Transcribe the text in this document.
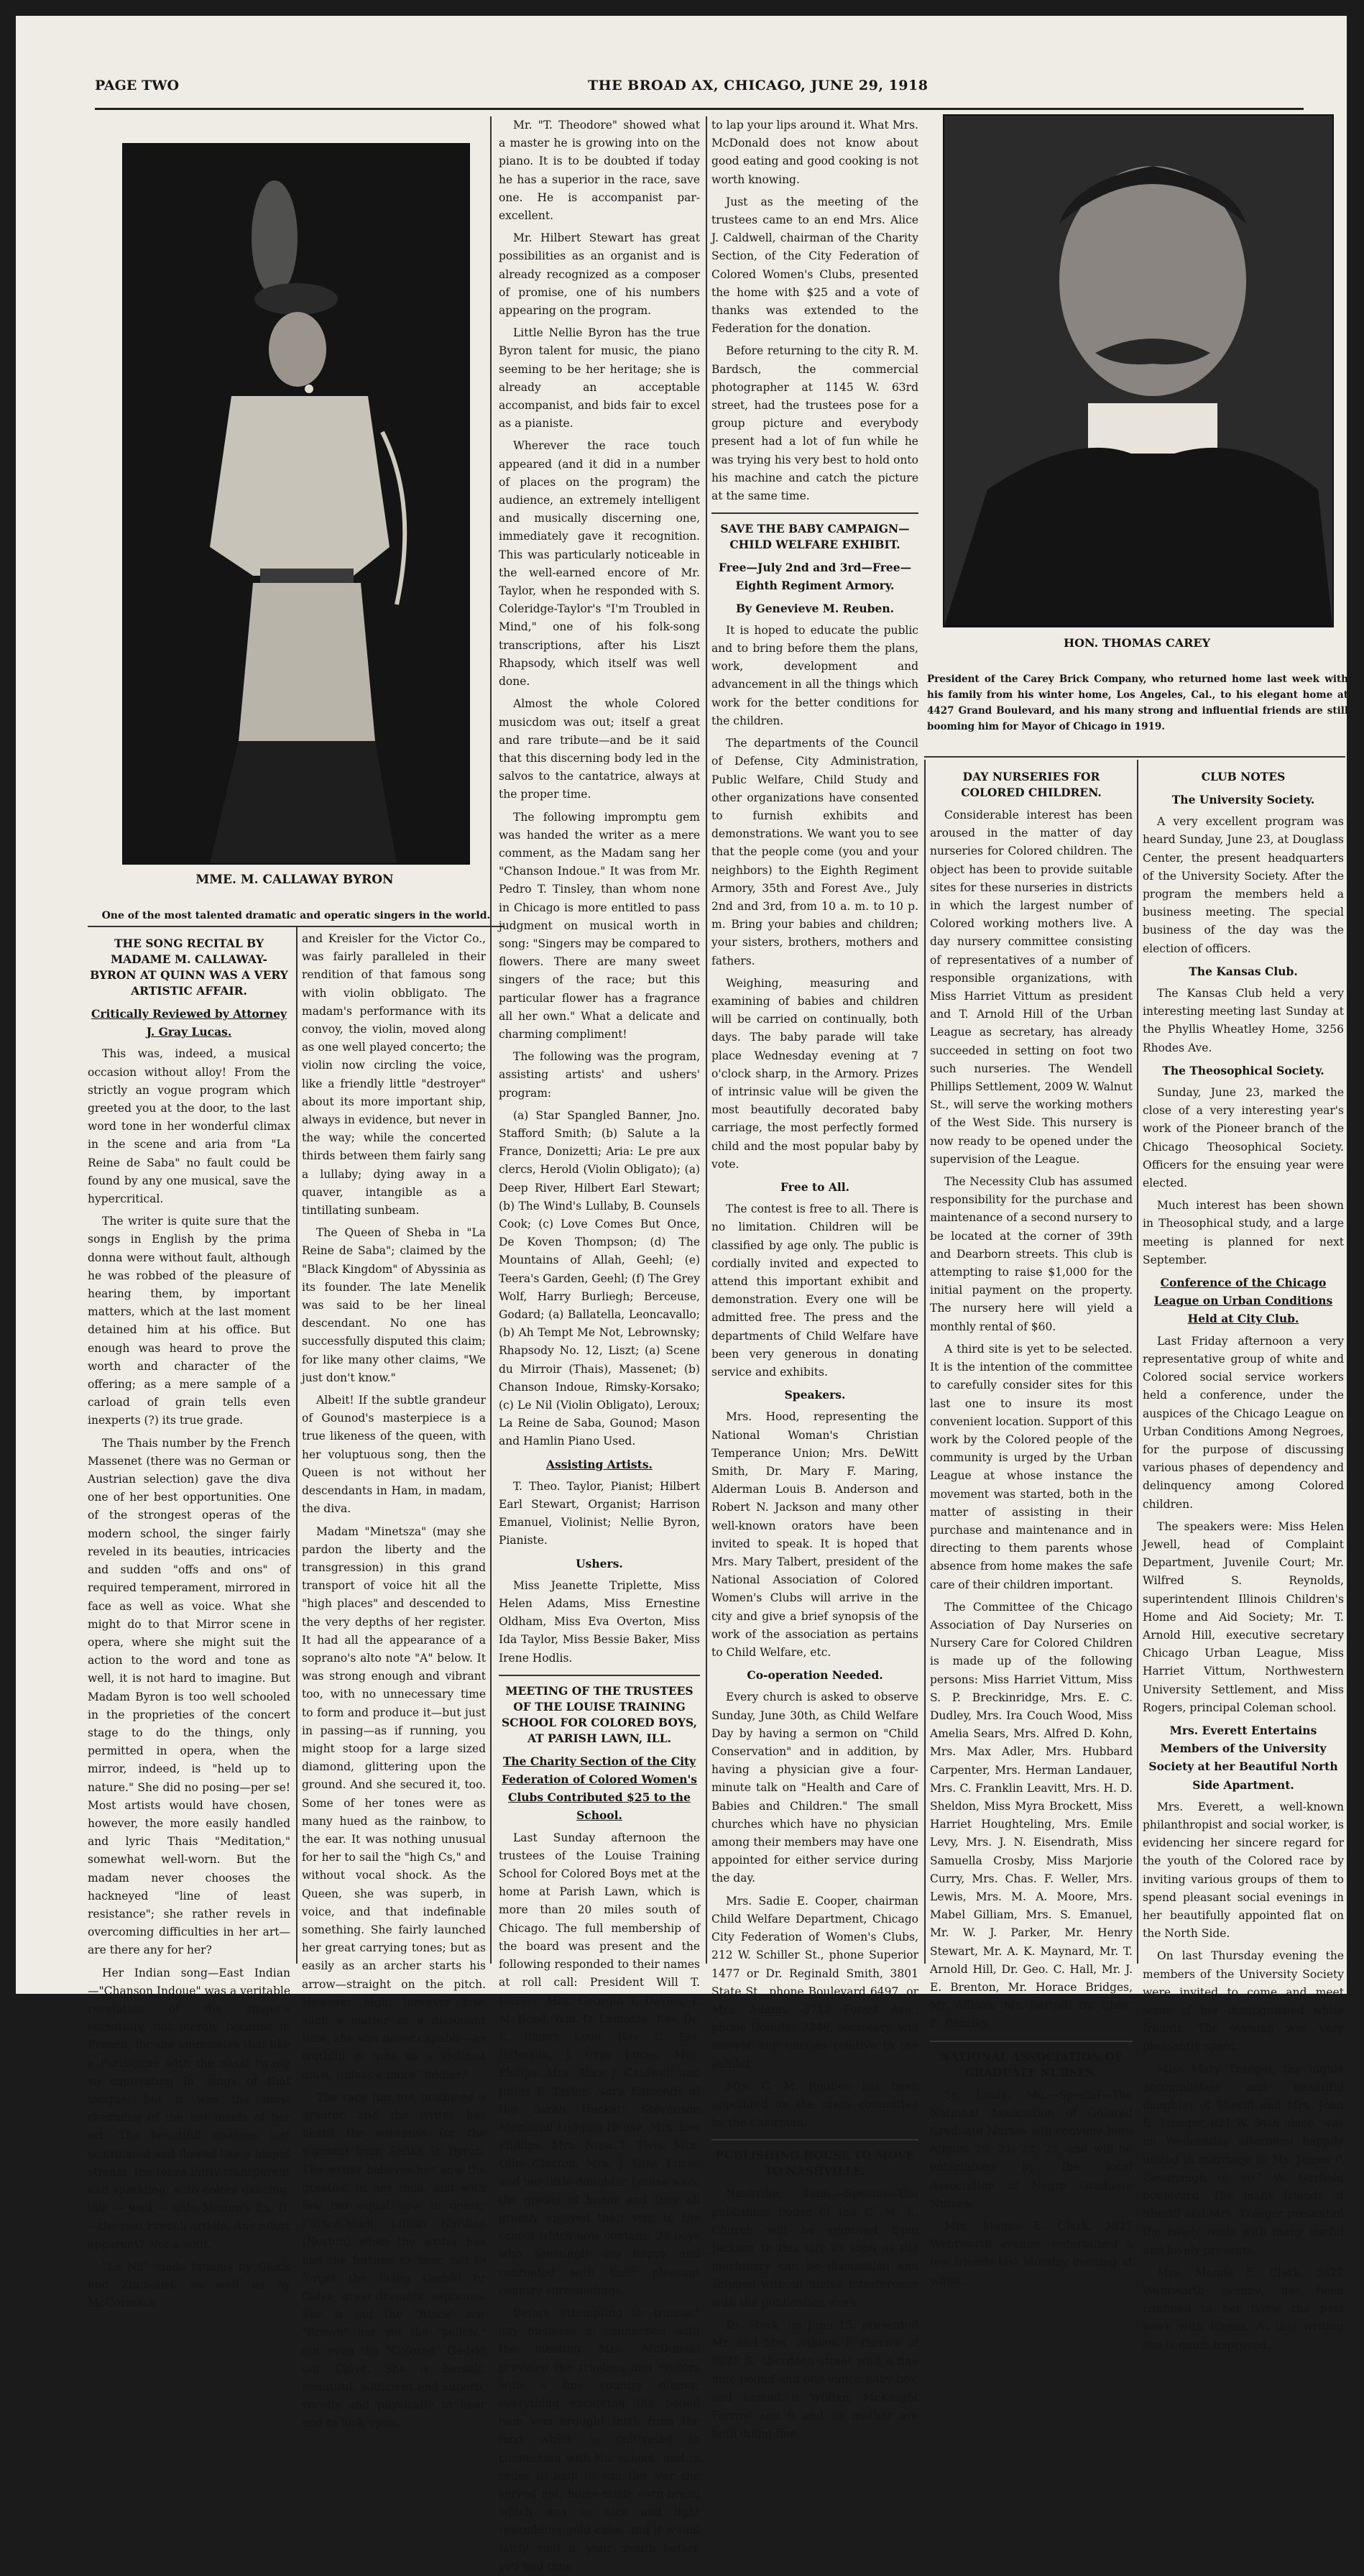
PAGE TWO	THE BROAD AX, CHICAGO, JUNE 29, 1918
MME. M. CALLAWAY BYRON
One of the most talented dramatic and operatic singers in the world.
HON. THOMAS CAREY
President of the Carey Brick Company, who returned home last week with his family from his winter home, Los Angeles, Cal., to his elegant home at 4427 Grand Boulevard, and his many strong and influential friends are still booming him for Mayor of Chicago in 1919.

THE SONG RECITAL BY MADAME M. CALLAWAY-BYRON AT QUINN WAS A VERY ARTISTIC AFFAIR.

Critically Reviewed by Attorney J. Gray Lucas.

This was, indeed, a musical occasion without alloy! From the strictly an vogue program which greeted you at the door, to the last word tone in her wonderful climax in the scene and aria from "La Reine de Saba" no fault could be found by any one musical, save the hypercritical.

The writer is quite sure that the songs in English by the prima donna were without fault, although he was robbed of the pleasure of hearing them, by important matters, which at the last moment detained him at his office. But enough was heard to prove the worth and character of the offering; as a mere sample of a carload of grain tells even inexperts (?) its true grade.

The Thais number by the French Massenet (there was no German or Austrian selection) gave the diva one of her best opportunities. One of the strongest operas of the modern school, the singer fairly reveled in its beauties, intricacies and sudden "offs and ons" of required temperament, mirrored in face as well as voice. What she might do to that Mirror scene in opera, where she might suit the action to the word and tone as well, it is not hard to imagine. But Madam Byron is too well schooled in the proprieties of the concert stage to do the things, only permitted in opera, when the mirror, indeed, is "held up to nature." She did no posing—per se! Most artists would have chosen, however, the more easily handled and lyric Thais "Meditation," somewhat well-worn. But the madam never chooses the hackneyed "line of least resistance"; she rather revels in overcoming difficulties in her art—are there any for her?

Her Indian song—East Indian—"Chanson Indoue" was a veritable revelation of the singer's versatility, not merely because in French, for she enunciates that like a Parisienne with the nasal twang so captivating in songs of that tongue, but it was the most charming of the hot meals of her art. The beautiful nuances just scintillated and flowed like a limpid stream, the tones fairly transparent and sparkling; with colors dancing, like — well — unto Mumm's Ex. D.—the real French article. Any effort apparent? Not a whit.

"Le Nil" made famous by Gluck and Zimbalist, as well as by McCormack

and Kreisler for the Victor Co., was fairly paralleled in their rendition of that famous song with violin obbligato. The madam's performance with its convoy, the violin, moved along as one well played concerto; the violin now circling the voice, like a friendly little "destroyer" about its more important ship, always in evidence, but never in the way; while the concerted thirds between them fairly sang a lullaby; dying away in a quaver, intangible as a tintillating sunbeam.

The Queen of Sheba in "La Reine de Saba"; claimed by the "Black Kingdom" of Abyssinia as its founder. The late Menelik was said to be her lineal descendant. No one has successfully disputed this claim; for like many other claims, "We just don't know."

Albeit! If the subtle grandeur of Gounod's masterpiece is a true likeness of the queen, with her voluptuous song, then the Queen is not without her descendants in Ham, in madam, the diva.

Madam "Minetsza" (may she pardon the liberty and the transgression) in this grand transport of voice hit all the "high places" and descended to the very depths of her register. It had all the appearance of a soprano's alto note "A" below. It was strong enough and vibrant too, with no unnecessary time to form and produce it—but just in passing—as if running, you might stoop for a large sized diamond, glittering upon the ground. And she secured it, too. Some of her tones were as many hued as the rainbow, to the ear. It was nothing unusual for her to sail the "high Cs," and without vocal shock. As the Queen, she was superb, in voice, and that indefinable something. She fairly launched her great carrying tones; but as easily as an archer starts his arrow—straight on the pitch. However high; however low; such a matter as a dissonant tone, she was never capable—as truthful in tone as a violinist must, unless a mere "fiddler."

The race has not produced a greater, and the writer has heard the sopranos (or the soprani) from Selika to Byron. The writer believes her now the greatest in her race, and with few her equal now in opera; Fursch-Madi, Lillian Nordica (Norton) when the writer has had the fortune to hear, not to forget the living Gadski or Calve, great dramatic sopranos. She is not the "Black" nor "Brown" nor yet the "yellow," nor even the "Colored" Gadski nor Calve. She is herself; beautiful, sufficient and superb, vocally and physically to hear and to look upon.

Mr. "T. Theodore" showed what a master he is growing into on the piano. It is to be doubted if today he has a superior in the race, save one. He is accompanist par-excellent.

Mr. Hilbert Stewart has great possibilities as an organist and is already recognized as a composer of promise, one of his numbers appearing on the program.

Little Nellie Byron has the true Byron talent for music, the piano seeming to be her heritage; she is already an acceptable accompanist, and bids fair to excel as a pianiste.

Wherever the race touch appeared (and it did in a number of places on the program) the audience, an extremely intelligent and musically discerning one, immediately gave it recognition. This was particularly noticeable in the well-earned encore of Mr. Taylor, when he responded with S. Coleridge-Taylor's "I'm Troubled in Mind," one of his folk-song transcriptions, after his Liszt Rhapsody, which itself was well done.

Almost the whole Colored musicdom was out; itself a great and rare tribute—and be it said that this discerning body led in the salvos to the cantatrice, always at the proper time.

The following impromptu gem was handed the writer as a mere comment, as the Madam sang her "Chanson Indoue." It was from Mr. Pedro T. Tinsley, than whom none in Chicago is more entitled to pass judgment on musical worth in song: "Singers may be compared to flowers. There are many sweet singers of the race; but this particular flower has a fragrance all her own." What a delicate and charming compliment!

The following was the program, assisting artists' and ushers' program:

(a) Star Spangled Banner, Jno. Stafford Smith; (b) Salute a la France, Donizetti; Aria: Le pre aux clercs, Herold (Violin Obligato); (a) Deep River, Hilbert Earl Stewart; (b) The Wind's Lullaby, B. Counsels Cook; (c) Love Comes But Once, De Koven Thompson; (d) The Mountains of Allah, Geehl; (e) Teera's Garden, Geehl; (f) The Grey Wolf, Harry Burliegh; Berceuse, Godard; (a) Ballatella, Leoncavallo; (b) Ah Tempt Me Not, Lebrownsky; Rhapsody No. 12, Liszt; (a) Scene du Mirroir (Thais), Massenet; (b) Chanson Indoue, Rimsky-Korsako; (c) Le Nil (Violin Obligato), Leroux; La Reine de Saba, Gounod; Mason and Hamlin Piano Used.

Assisting Artists.

T. Theo. Taylor, Pianist; Hilbert Earl Stewart, Organist; Harrison Emanuel, Violinist; Nellie Byron, Pianiste.

Ushers.

Miss Jeanette Triplette, Miss Helen Adams, Miss Ernestine Oldham, Miss Eva Overton, Miss Ida Taylor, Miss Bessie Baker, Miss Irene Hodlis.

MEETING OF THE TRUSTEES OF THE LOUISE TRAINING SCHOOL FOR COLORED BOYS, AT PARISH LAWN, ILL.

The Charity Section of the City Federation of Colored Women's Clubs Contributed $25 to the School.

Last Sunday afternoon the trustees of the Louise Training School for Colored Boys met at the home at Parish Lawn, which is more than 20 miles south of Chicago. The full membership of the board was present and the following responded to their names at roll call: President Will T. Davies, Mrs. Georgia T. Davies, I. M. Reed, Wm. O. Lamonte, Rev. Dr. E. Emory Lyon, Rev. C. Lee Jefferson, J. Gray Lucas, Mrs. Philips, Mrs. Alice J. Caldwell and Julius F. Taylor, Nora Edmonds of the Sarah Hackett Stevenson Memorial Lodging House, Mrs. Leo Phillips, Mrs. Nina T. Tivis, Mrs. Ollie Claxton, Mrs. J. Gray Lucas and her little daughter Louise were the guests of honor and they all greatly enjoyed their visit to the school which now contains 28 boys who seemingly are happy and contented with their pleasant country surroundings.

Before attempting to transact any business in connection with the meeting Mrs. McDonald provided the trustees and visitors with a fine country dinner; everything excepting the boiled ham was brought forth from the land which is cultivated in connection with the school, and in order to help to win the war she served hot, home-made corn-bread which was so nice and light resembling gold cake, and it would fairly melt in your mouth before you had time

to lap your lips around it. What Mrs. McDonald does not know about good eating and good cooking is not worth knowing.

Just as the meeting of the trustees came to an end Mrs. Alice J. Caldwell, chairman of the Charity Section, of the City Federation of Colored Women's Clubs, presented the home with $25 and a vote of thanks was extended to the Federation for the donation.

Before returning to the city R. M. Bardsch, the commercial photographer at 1145 W. 63rd street, had the trustees pose for a group picture and everybody present had a lot of fun while he was trying his very best to hold onto his machine and catch the picture at the same time.

SAVE THE BABY CAMPAIGN—CHILD WELFARE EXHIBIT.

Free—July 2nd and 3rd—Free—Eighth Regiment Armory.

By Genevieve M. Reuben.

It is hoped to educate the public and to bring before them the plans, work, development and advancement in all the things which work for the better conditions for the children.

The departments of the Council of Defense, City Administration, Public Welfare, Child Study and other organizations have consented to furnish exhibits and demonstrations. We want you to see that the people come (you and your neighbors) to the Eighth Regiment Armory, 35th and Forest Ave., July 2nd and 3rd, from 10 a. m. to 10 p. m. Bring your babies and children; your sisters, brothers, mothers and fathers.

Weighing, measuring and examining of babies and children will be carried on continually, both days. The baby parade will take place Wednesday evening at 7 o'clock sharp, in the Armory. Prizes of intrinsic value will be given the most beautifully decorated baby carriage, the most perfectly formed child and the most popular baby by vote.

Free to All.

The contest is free to all. There is no limitation. Children will be classified by age only. The public is cordially invited and expected to attend this important exhibit and demonstration. Every one will be admitted free. The press and the departments of Child Welfare have been very generous in donating service and exhibits.

Speakers.

Mrs. Hood, representing the National Woman's Christian Temperance Union; Mrs. DeWitt Smith, Dr. Mary F. Maring, Alderman Louis B. Anderson and Robert N. Jackson and many other well-known orators have been invited to speak. It is hoped that Mrs. Mary Talbert, president of the National Association of Colored Women's Clubs will arrive in the city and give a brief synopsis of the work of the association as pertains to Child Welfare, etc.

Co-operation Needed.

Every church is asked to observe Sunday, June 30th, as Child Welfare Day by having a sermon on "Child Conservation" and in addition, by having a physician give a four-minute talk on "Health and Care of Babies and Children." The small churches which have no physician among their members may have one appointed for either service during the day.

Mrs. Sadie E. Cooper, chairman Child Welfare Department, Chicago City Federation of Women's Clubs, 212 W. Schiller St., phone Superior 1477 or Dr. Reginald Smith, 3801 State St., phone Boulevard 6497, or Mrs. Adams, 3715 Forest Ave., phone Douglas 3348, secretary, will answer any queries relative to the exhibit.

Mrs. G. M. Reuben has been appointed on the press committee by the chairman.

PUBLISHING HOUSE TO MOVE TO NASHVILLE.

Nashville, Tenn.—Special—The publishing house of the C. M. E. Church will be removed from Jackson to this city as soon as the machinery can be dismantled and shipped without undue interference with the publication work.

Dr. Stork, on June 15, presented Mr. and Mrs. William F. Farrow of 6020 S. Aberdeen street with a fine nine-pound and one-ounce baby boy, and named it William McKnight Farrow and it and its mother are both doing fine.

DAY NURSERIES FOR COLORED CHILDREN.

Considerable interest has been aroused in the matter of day nurseries for Colored children. The object has been to provide suitable sites for these nurseries in districts in which the largest number of Colored working mothers live. A day nursery committee consisting of representatives of a number of responsible organizations, with Miss Harriet Vittum as president and T. Arnold Hill of the Urban League as secretary, has already succeeded in setting on foot two such nurseries. The Wendell Phillips Settlement, 2009 W. Walnut St., will serve the working mothers of the West Side. This nursery is now ready to be opened under the supervision of the League.

The Necessity Club has assumed responsibility for the purchase and maintenance of a second nursery to be located at the corner of 39th and Dearborn streets. This club is attempting to raise $1,000 for the initial payment on the property. The nursery here will yield a monthly rental of $60.

A third site is yet to be selected. It is the intention of the committee to carefully consider sites for this last one to insure its most convenient location. Support of this work by the Colored people of the community is urged by the Urban League at whose instance the movement was started, both in the matter of assisting in their purchase and maintenance and in directing to them parents whose absence from home makes the safe care of their children important.

The Committee of the Chicago Association of Day Nurseries on Nursery Care for Colored Children is made up of the following persons: Miss Harriet Vittum, Miss S. P. Breckinridge, Mrs. E. C. Dudley, Mrs. Ira Couch Wood, Miss Amelia Sears, Mrs. Alfred D. Kohn, Mrs. Max Adler, Mrs. Hubbard Carpenter, Mrs. Herman Landauer, Mrs. C. Franklin Leavitt, Mrs. H. D. Sheldon, Miss Myra Brockett, Miss Harriet Houghteling, Mrs. Emile Levy, Mrs. J. N. Eisendrath, Miss Samuella Crosby, Miss Marjorie Curry, Mrs. Chas. F. Weller, Mrs. Lewis, Mrs. M. A. Moore, Mrs. Mabel Gilliam, Mrs. S. Emanuel, Mr. W. J. Parker, Mr. Henry Stewart, Mr. A. K. Maynard, Mr. T. Arnold Hill, Dr. Geo. C. Hall, Mr. J. E. Brenton, Mr. Horace Bridges, Mr. Allison, Mr. Bartoff, Dr. Chas. E. Bentley.

NATIONAL ASSOCIATION OF GRADUATE NURSES.

St. Louis, Mo.—Special—The National Association of Colored Graduate Nurses will convene here August 20, 21, 22, 23, and will be entertained by the local Association of Negro Graduate Nurses.

Mrs. Mamie E. Clark, 3827 Wentworth avenue, entertained a few friends last Monday evening at whist.

CLUB NOTES

The University Society.

A very excellent program was heard Sunday, June 23, at Douglass Center, the present headquarters of the University Society. After the program the members held a business meeting. The special business of the day was the election of officers.

The Kansas Club.

The Kansas Club held a very interesting meeting last Sunday at the Phyllis Wheatley Home, 3256 Rhodes Ave.

The Theosophical Society.

Sunday, June 23, marked the close of a very interesting year's work of the Pioneer branch of the Chicago Theosophical Society. Officers for the ensuing year were elected.

Much interest has been shown in Theosophical study, and a large meeting is planned for next September.

Conference of the Chicago League on Urban Conditions Held at City Club.

Last Friday afternoon a very representative group of white and Colored social service workers held a conference, under the auspices of the Chicago League on Urban Conditions Among Negroes, for the purpose of discussing various phases of dependency and delinquency among Colored children.

The speakers were: Miss Helen Jewell, head of Complaint Department, Juvenile Court; Mr. Wilfred S. Reynolds, superintendent Illinois Children's Home and Aid Society; Mr. T. Arnold Hill, executive secretary Chicago Urban League, Miss Harriet Vittum, Northwestern University Settlement, and Miss Rogers, principal Coleman school.

Mrs. Everett Entertains Members of the University Society at her Beautiful North Side Apartment.

Mrs. Everett, a well-known philanthropist and social worker, is evidencing her sincere regard for the youth of the Colored race by inviting various groups of them to spend pleasant social evenings in her beautifully appointed flat on the North Side.

On last Thursday evening the members of the University Society were invited to come and meet some of her distinguished white friends. The evening was very pleasantly spent.

Miss Mary Traeger, the highly accomplished and beautiful daughter of Sheriff and Mrs. John E. Traeger, 921 W. 54th place, was on Wednesday afternoon happily united in marriage to Mr. James P. Cavanaugh of 907 W. Garfield boulevard. The many friends of Sheriff and Mrs. Traeger presented the newly weds with many useful and lovely presents.

Mrs. Mamie E. Clark, 3827 Wentworth avenue, has been confined to her home the past week with illness. At this writing she is much improved.
